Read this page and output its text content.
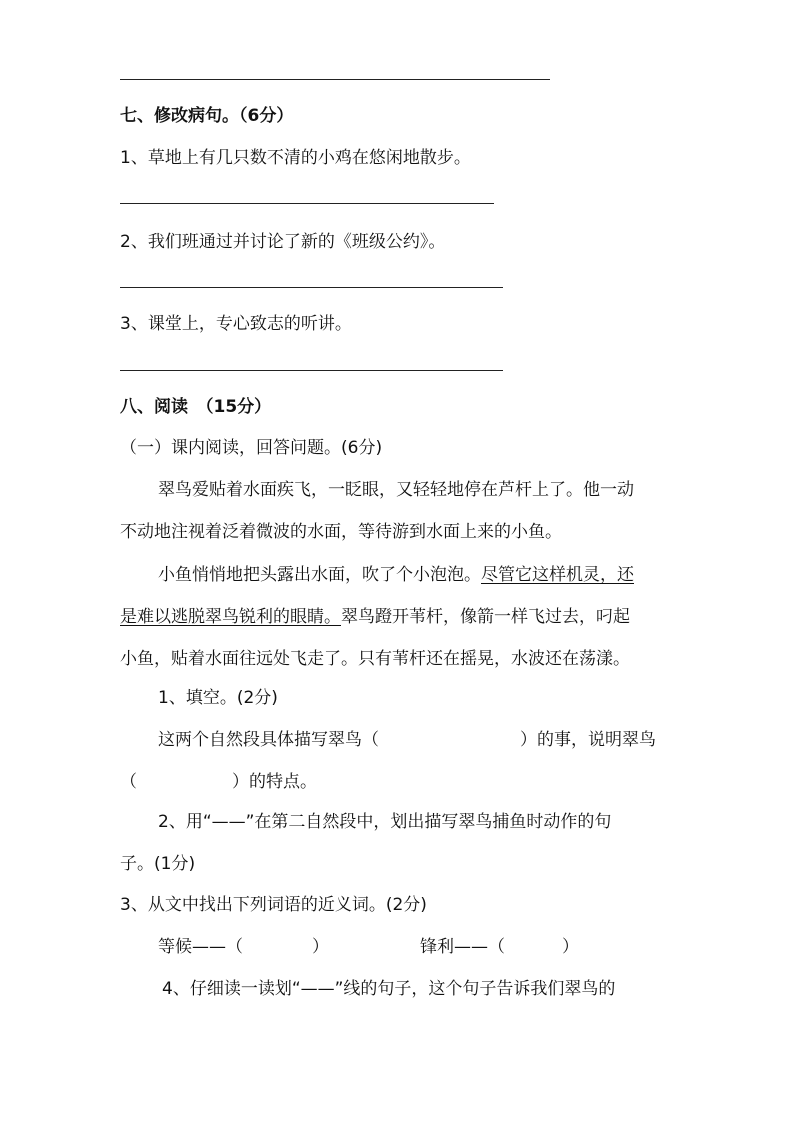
七、修改病句。（6分）
1、草地上有几只数不清的小鸡在悠闲地散步。
2、我们班通过并讨论了新的《班级公约》。
3、课堂上，专心致志的听讲。
八、阅读　（15分）
（一）课内阅读，回答问题。(6分)
翠鸟爱贴着水面疾飞，一眨眼，又轻轻地停在芦杆上了。他一动
不动地注视着泛着微波的水面，等待游到水面上来的小鱼。
小鱼悄悄地把头露出水面，吹了个小泡泡。尽管它这样机灵，还
是难以逃脱翠鸟锐利的眼睛。翠鸟蹬开苇杆，像箭一样飞过去，叼起
小鱼，贴着水面往远处飞走了。只有苇杆还在摇晃，水波还在荡漾。
1、填空。(2分)
这两个自然段具体描写翠鸟（	）的事，说明翠鸟
（	）的特点。
2、用“——”在第二自然段中，划出描写翠鸟捕鱼时动作的句
子。(1分)
3、从文中找出下列词语的近义词。(2分)
等候——（	）	锋利——（	）
4、仔细读一读划“——”线的句子，这个句子告诉我们翠鸟的
